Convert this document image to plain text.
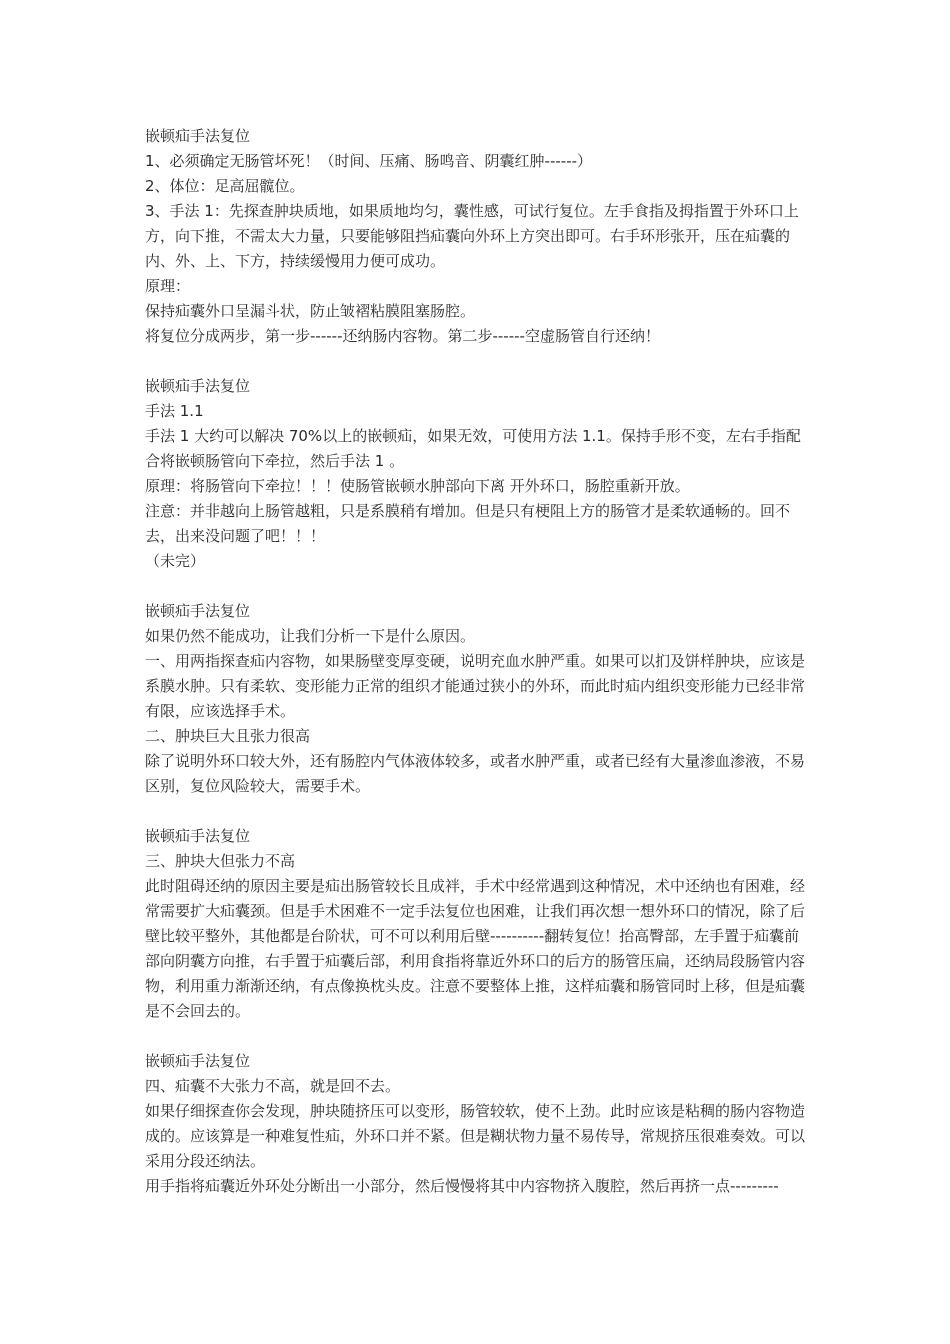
嵌顿疝手法复位

1、必须确定无肠管坏死！（时间、压痛、肠鸣音、阴囊红肿------）

2、体位：足高屈髋位。

3、手法 1：先探查肿块质地，如果质地均匀，囊性感，可试行复位。左手食指及拇指置于外环口上方，向下推，不需太大力量，只要能够阻挡疝囊向外环上方突出即可。右手环形张开，压在疝囊的内、外、上、下方，持续缓慢用力便可成功。

原理：

保持疝囊外口呈漏斗状，防止皱褶粘膜阻塞肠腔。

将复位分成两步，第一步------还纳肠内容物。第二步------空虚肠管自行还纳！

嵌顿疝手法复位

手法 1.1

手法 1 大约可以解决 70%以上的嵌顿疝，如果无效，可使用方法 1.1。保持手形不变，左右手指配合将嵌顿肠管向下牵拉，然后手法 1 。

原理：将肠管向下牵拉！！！使肠管嵌顿水肿部向下离 开外环口，肠腔重新开放。

注意：并非越向上肠管越粗，只是系膜稍有增加。但是只有梗阻上方的肠管才是柔软通畅的。回不去，出来没问题了吧！！！

（未完）

嵌顿疝手法复位

如果仍然不能成功，让我们分析一下是什么原因。

一、用两指探查疝内容物，如果肠壁变厚变硬，说明充血水肿严重。如果可以扪及饼样肿块，应该是系膜水肿。只有柔软、变形能力正常的组织才能通过狭小的外环，而此时疝内组织变形能力已经非常有限，应该选择手术。

二、肿块巨大且张力很高

除了说明外环口较大外，还有肠腔内气体液体较多，或者水肿严重，或者已经有大量渗血渗液，不易区别，复位风险较大，需要手术。

嵌顿疝手法复位

三、肿块大但张力不高

此时阻碍还纳的原因主要是疝出肠管较长且成袢，手术中经常遇到这种情况，术中还纳也有困难，经常需要扩大疝囊颈。但是手术困难不一定手法复位也困难，让我们再次想一想外环口的情况，除了后壁比较平整外，其他都是台阶状，可不可以利用后壁----------翻转复位！抬高臀部，左手置于疝囊前部向阴囊方向推，右手置于疝囊后部，利用食指将靠近外环口的后方的肠管压扁，还纳局段肠管内容物，利用重力渐渐还纳，有点像换枕头皮。注意不要整体上推，这样疝囊和肠管同时上移，但是疝囊是不会回去的。

嵌顿疝手法复位

四、疝囊不大张力不高，就是回不去。

如果仔细探查你会发现，肿块随挤压可以变形，肠管较软，使不上劲。此时应该是粘稠的肠内容物造成的。应该算是一种难复性疝，外环口并不紧。但是糊状物力量不易传导，常规挤压很难奏效。可以采用分段还纳法。

用手指将疝囊近外环处分断出一小部分，然后慢慢将其中内容物挤入腹腔，然后再挤一点---------
